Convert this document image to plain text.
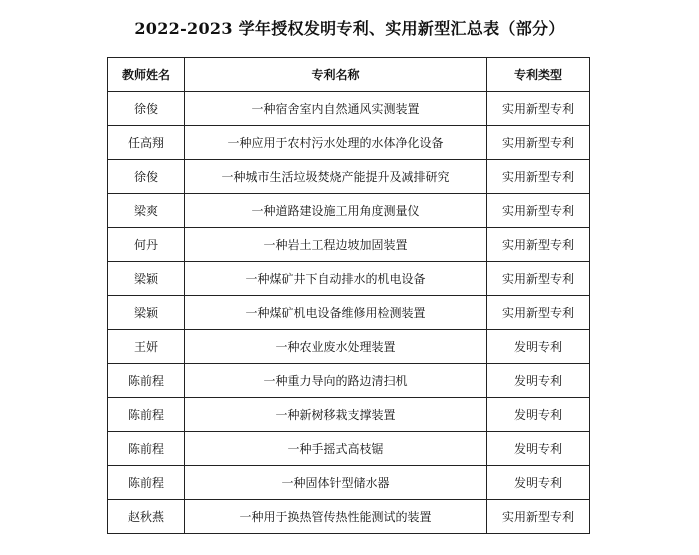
2022-2023 学年授权发明专利、实用新型汇总表（部分）
教师姓名	专利名称	专利类型
徐俊	一种宿舍室内自然通风实测装置	实用新型专利
任高翔	一种应用于农村污水处理的水体净化设备	实用新型专利
徐俊	一种城市生活垃圾焚烧产能提升及减排研究	实用新型专利
梁爽	一种道路建设施工用角度测量仪	实用新型专利
何丹	一种岩土工程边坡加固装置	实用新型专利
梁颖	一种煤矿井下自动排水的机电设备	实用新型专利
梁颖	一种煤矿机电设备维修用检测装置	实用新型专利
王妍	一种农业废水处理装置	发明专利
陈前程	一种重力导向的路边清扫机	发明专利
陈前程	一种新树移栽支撑装置	发明专利
陈前程	一种手摇式高枝锯	发明专利
陈前程	一种固体针型储水器	发明专利
赵秋燕	一种用于换热管传热性能测试的装置	实用新型专利
